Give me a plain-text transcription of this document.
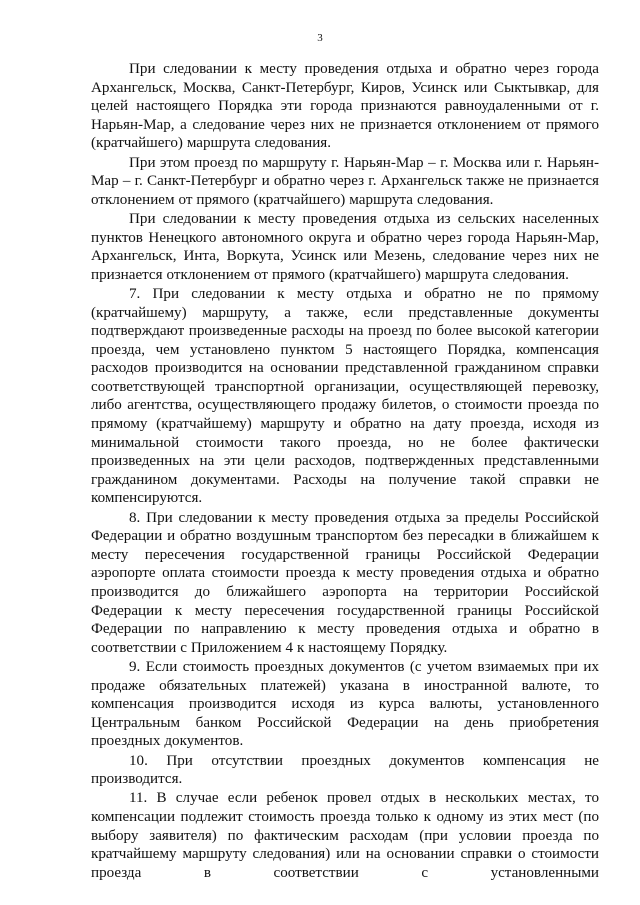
3

При следовании к месту проведения отдыха и обратно через города Архангельск, Москва, Санкт-Петербург, Киров, Усинск или Сыктывкар, для целей настоящего Порядка эти города признаются равноудаленными от г. Нарьян-Мар, а следование через них не признается отклонением от прямого (кратчайшего) маршрута следования.

При этом проезд по маршруту г. Нарьян-Мар – г. Москва или г. Нарьян-Мар – г. Санкт-Петербург и обратно через г. Архангельск также не признается отклонением от прямого (кратчайшего) маршрута следования.

При следовании к месту проведения отдыха из сельских населенных пунктов Ненецкого автономного округа и обратно через города Нарьян-Мар, Архангельск, Инта, Воркута, Усинск или Мезень, следование через них не признается отклонением от прямого (кратчайшего) маршрута следования.

7. При следовании к месту отдыха и обратно не по прямому (кратчайшему) маршруту, а также, если представленные документы подтверждают произведенные расходы на проезд по более высокой категории проезда, чем установлено пунктом 5 настоящего Порядка, компенсация расходов производится на основании представленной гражданином справки соответствующей транспортной организации, осуществляющей перевозку, либо агентства, осуществляющего продажу билетов, о стоимости проезда по прямому (кратчайшему) маршруту и обратно на дату проезда, исходя из минимальной стоимости такого проезда, но не более фактически произведенных на эти цели расходов, подтвержденных представленными гражданином документами. Расходы на получение такой справки не компенсируются.

8. При следовании к месту проведения отдыха за пределы Российской Федерации и обратно воздушным транспортом без пересадки в ближайшем к месту пересечения государственной границы Российской Федерации аэропорте оплата стоимости проезда к месту проведения отдыха и обратно производится до ближайшего аэропорта на территории Российской Федерации к месту пересечения государственной границы Российской Федерации по направлению к месту проведения отдыха и обратно в соответствии с Приложением 4 к настоящему Порядку.

9. Если стоимость проездных документов (с учетом взимаемых при их продаже обязательных платежей) указана в иностранной валюте, то компенсация производится исходя из курса валюты, установленного Центральным банком Российской Федерации на день приобретения проездных документов.

10. При отсутствии проездных документов компенсация не производится.

11. В случае если ребенок провел отдых в нескольких местах, то компенсации подлежит стоимость проезда только к одному из этих мест (по выбору заявителя) по фактическим расходам (при условии проезда по кратчайшему маршруту следования) или на основании справки о стоимости проезда в соответствии с установленными
